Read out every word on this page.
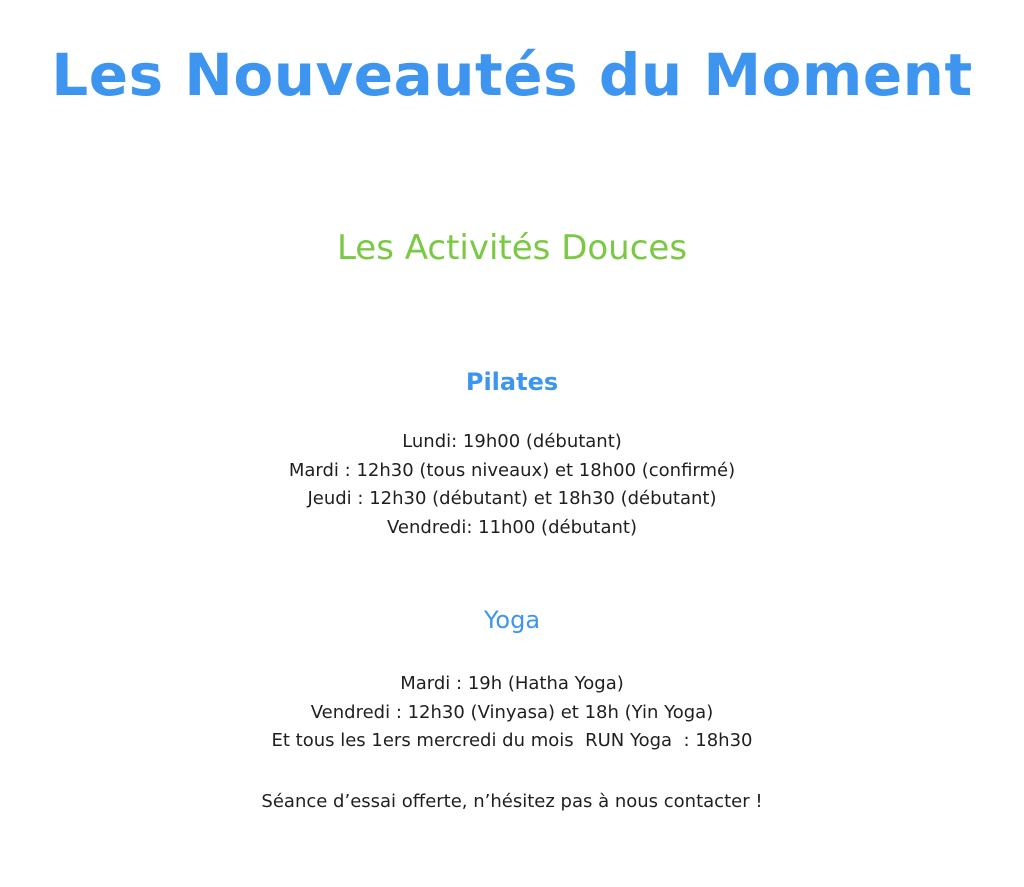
Les Nouveautés du Moment
Les Activités Douces
Pilates
Lundi: 19h00 (débutant)
Mardi : 12h30 (tous niveaux) et 18h00 (confirmé)
Jeudi : 12h30 (débutant) et 18h30 (débutant)
Vendredi: 11h00 (débutant)
Yoga
Mardi : 19h (Hatha Yoga)
Vendredi : 12h30 (Vinyasa) et 18h (Yin Yoga)
Et tous les 1ers mercredi du mois  RUN Yoga  : 18h30

Séance d’essai offerte, n’hésitez pas à nous contacter !
